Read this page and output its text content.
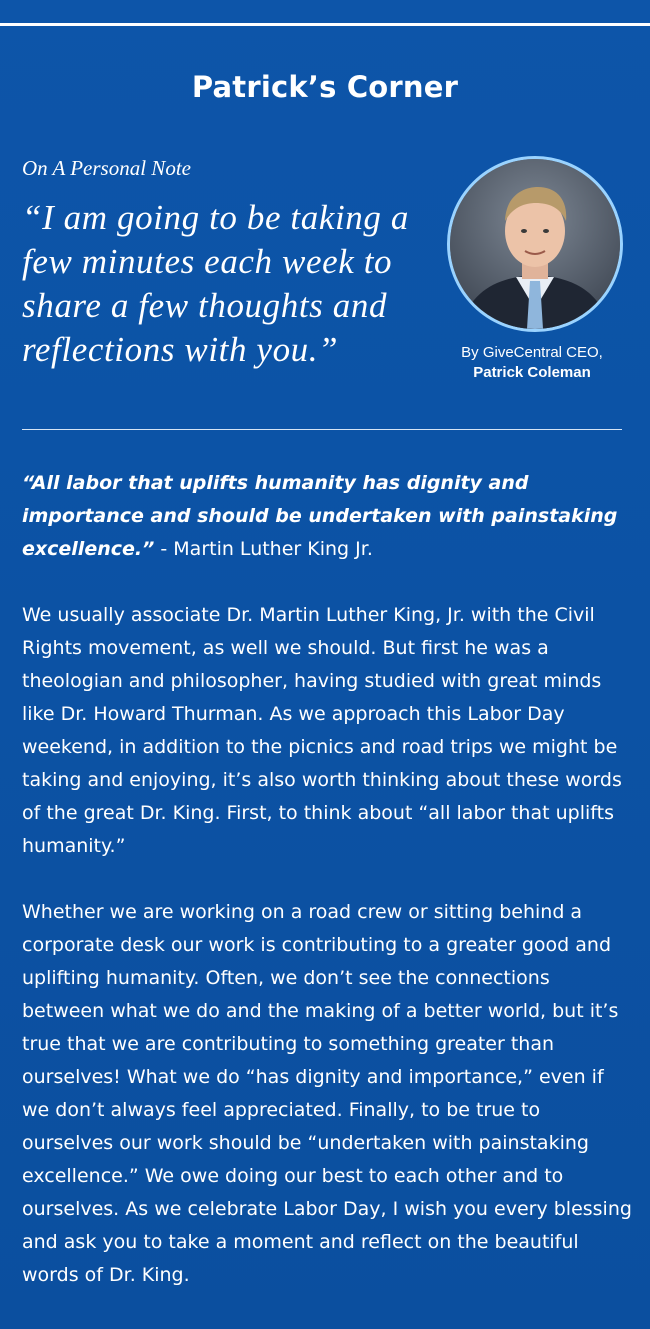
Patrick’s Corner

On A Personal Note

“I am going to be taking a few minutes each week to share a few thoughts and reflections with you.”	By GiveCentral CEO,
Patrick Coleman

“All labor that uplifts humanity has dignity and importance and should be undertaken with painstaking excellence.” - Martin Luther King Jr.

We usually associate Dr. Martin Luther King, Jr. with the Civil Rights movement, as well we should. But first he was a theologian and philosopher, having studied with great minds like Dr. Howard Thurman. As we approach this Labor Day weekend, in addition to the picnics and road trips we might be taking and enjoying, it’s also worth thinking about these words of the great Dr. King. First, to think about “all labor that uplifts humanity.”

Whether we are working on a road crew or sitting behind a corporate desk our work is contributing to a greater good and uplifting humanity. Often, we don’t see the connections between what we do and the making of a better world, but it’s true that we are contributing to something greater than ourselves! What we do “has dignity and importance,” even if we don’t always feel appreciated. Finally, to be true to ourselves our work should be “undertaken with painstaking excellence.” We owe doing our best to each other and to ourselves. As we celebrate Labor Day, I wish you every blessing and ask you to take a moment and reflect on the beautiful words of Dr. King.
